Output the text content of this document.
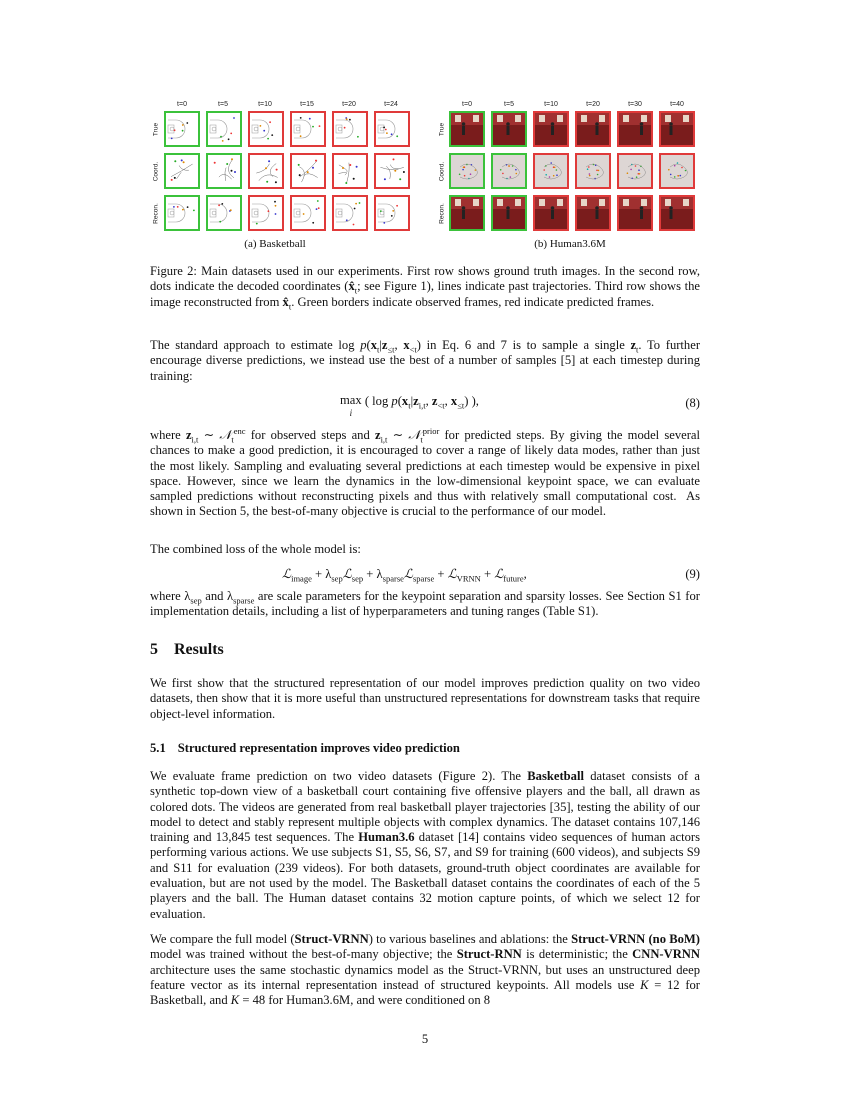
t=0	t=5	t=10	t=15	t=20	t=24
True
Coord.
Recon.
(a) Basketball
t=0	t=5	t=10	t=20	t=30	t=40
True
Coord.
Recon.
(b) Human3.6M

Figure 2: Main datasets used in our experiments. First row shows ground truth images. In the second row, dots indicate the decoded coordinates ($x̂_t$; see Figure 1), lines indicate past trajectories. Third row shows the image reconstructed from $x̂_t$. Green borders indicate observed frames, red indicate predicted frames.

The standard approach to estimate $\log p(x_t|z_{\le t}$, $x_{<t}$) in Eq. 6 and 7 is to sample a single $z_t$. To further encourage diverse predictions, we instead use the best of a number of samples [5] at each timestep during training:

max
i ( $\log p(x_t|z_{i,t}$, $z_{<t}$, $x_{\le t}$) ),	(8)

where $z_{i,t}$ ∼ 𝒩$_t^{enc}$ for observed steps and $z_{i,t}$ ∼ 𝒩$_t^{prior}$ for predicted steps. By giving the model several chances to make a good prediction, it is encouraged to cover a range of likely data modes, rather than just the most likely. Sampling and evaluating several predictions at each timestep would be expensive in pixel space. However, since we learn the dynamics in the low-dimensional keypoint space, we can evaluate sampled predictions without reconstructing pixels and thus with relatively small computational cost.  As shown in Section 5, the best-of-many objective is crucial to the performance of our model.

The combined loss of the whole model is:
ℒ$_{image}$ + $\lambda_{sep}ℒ_{sep}$ + $\lambda_{sparse}ℒ_{sparse}$ + ℒ$_{VRNN}$ + ℒ$_{future}$,	(9)

where $\lambda_{sep}$ and $\lambda_{sparse}$ are scale parameters for the keypoint separation and sparsity losses. See Section S1 for implementation details, including a list of hyperparameters and tuning ranges (Table S1).

5 Results
We first show that the structured representation of our model improves prediction quality on two video datasets, then show that it is more useful than unstructured representations for downstream tasks that require object-level information.
5.1 Structured representation improves video prediction

We evaluate frame prediction on two video datasets (Figure 2). The Basketball dataset consists of a synthetic top-down view of a basketball court containing five offensive players and the ball, all drawn as colored dots. The videos are generated from real basketball player trajectories [35], testing the ability of our model to detect and stably represent multiple objects with complex dynamics. The dataset contains 107,146 training and 13,845 test sequences. The Human3.6 dataset [14] contains video sequences of human actors performing various actions. We use subjects S1, S5, S6, S7, and S9 for training (600 videos), and subjects S9 and S11 for evaluation (239 videos). For both datasets, ground-truth object coordinates are available for evaluation, but are not used by the model. The Basketball dataset contains the coordinates of each of the 5 players and the ball. The Human dataset contains 32 motion capture points, of which we select 12 for evaluation.

We compare the full model (Struct-VRNN) to various baselines and ablations: the Struct-VRNN (no BoM) model was trained without the best-of-many objective; the Struct-RNN is deterministic; the CNN-VRNN architecture uses the same stochastic dynamics model as the Struct-VRNN, but uses an unstructured deep feature vector as its internal representation instead of structured keypoints. All models use K = 12 for Basketball, and K = 48 for Human3.6M, and were conditioned on 8

5
